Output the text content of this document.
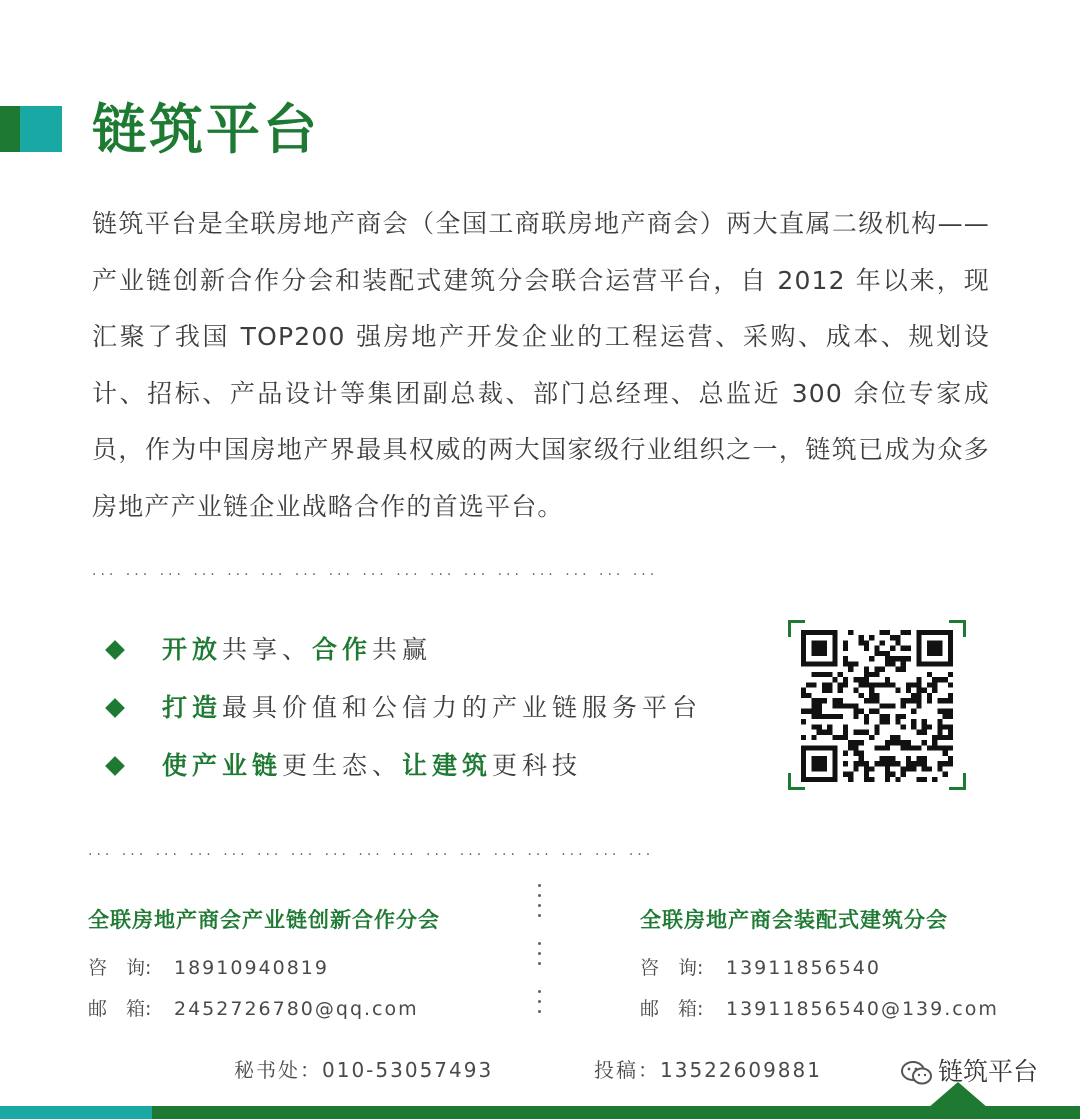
链筑平台
链筑平台是全联房地产商会（全国工商联房地产商会）两大直属二级机构——产业链创新合作分会和装配式建筑分会联合运营平台，自 2012 年以来，现汇聚了我国 TOP200 强房地产开发企业的工程运营、采购、成本、规划设计、招标、产品设计等集团副总裁、部门总经理、总监近 300 余位专家成员，作为中国房地产界最具权威的两大国家级行业组织之一，链筑已成为众多房地产产业链企业战略合作的首选平台。
··· ··· ··· ··· ··· ··· ··· ··· ··· ··· ··· ··· ··· ··· ··· ··· ···
开放共享、合作共赢
打造最具价值和公信力的产业链服务平台
使产业链更生态、让建筑更科技
··· ··· ··· ··· ··· ··· ··· ··· ··· ··· ··· ··· ··· ··· ··· ··· ···
全联房地产商会产业链创新合作分会
咨　询: 18910940819
邮　箱: 2452726780@qq.com
全联房地产商会装配式建筑分会
咨　询: 13911856540
邮　箱: 13911856540@139.com
秘书处：010-53057493	投稿：13522609881	链筑平台
